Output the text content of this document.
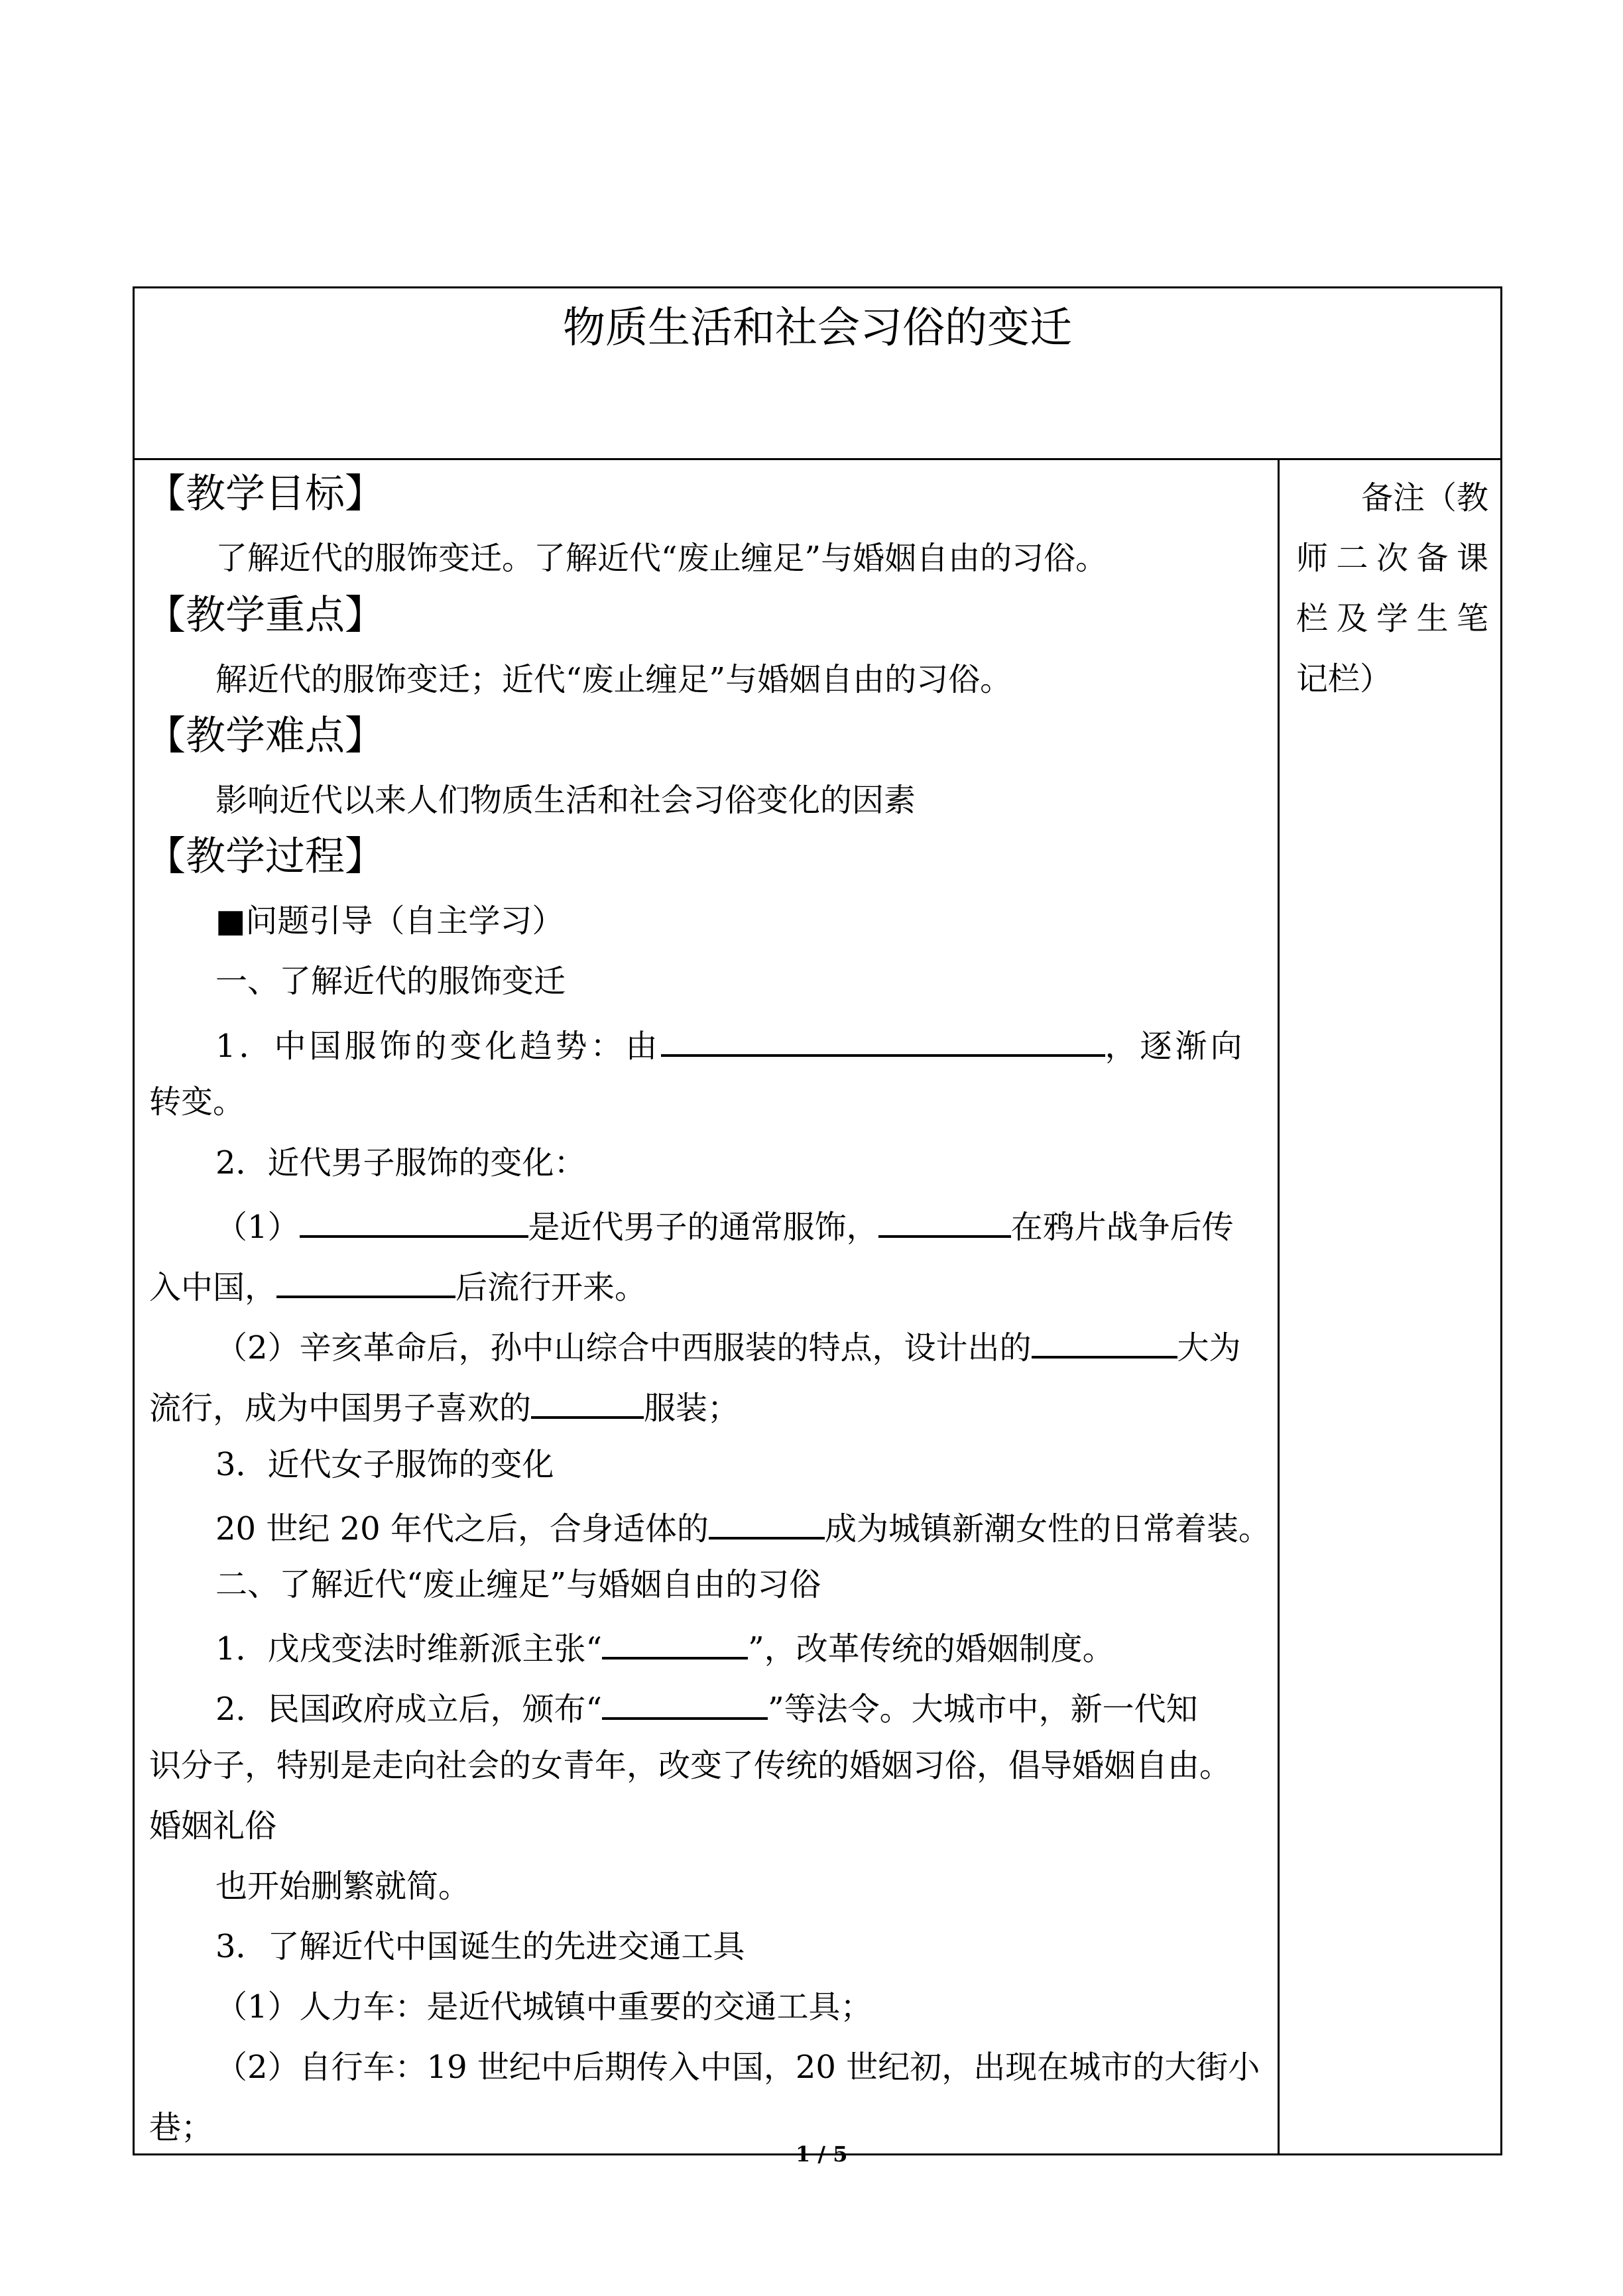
物质生活和社会习俗的变迁
【教学目标】
了解近代的服饰变迁。了解近代“废止缠足”与婚姻自由的习俗。
【教学重点】
解近代的服饰变迁；近代“废止缠足”与婚姻自由的习俗。
【教学难点】
影响近代以来人们物质生活和社会习俗变化的因素
【教学过程】
■问题引导（自主学习）
一、了解近代的服饰变迁
1．中国服饰的变化趋势：由	，逐渐向
转变。
2．近代男子服饰的变化：
（1）	是近代男子的通常服饰，	在鸦片战争后传
入中国，	后流行开来。
（2）辛亥革命后，孙中山综合中西服装的特点，设计出的	大为
流行，成为中国男子喜欢的	服装；
3．近代女子服饰的变化
20 世纪 20 年代之后，合身适体的	成为城镇新潮女性的日常着装。
二、了解近代“废止缠足”与婚姻自由的习俗
1．戊戌变法时维新派主张“	”，改革传统的婚姻制度。
2．民国政府成立后，颁布“	”等法令。大城市中，新一代知
识分子，特别是走向社会的女青年，改变了传统的婚姻习俗，倡导婚姻自由。
婚姻礼俗
也开始删繁就简。
3．了解近代中国诞生的先进交通工具
（1）人力车：是近代城镇中重要的交通工具；
（2）自行车：19 世纪中后期传入中国，20 世纪初，出现在城市的大街小
巷；
备注（教
师二次备课
栏及学生笔
记栏）
1 / 5
